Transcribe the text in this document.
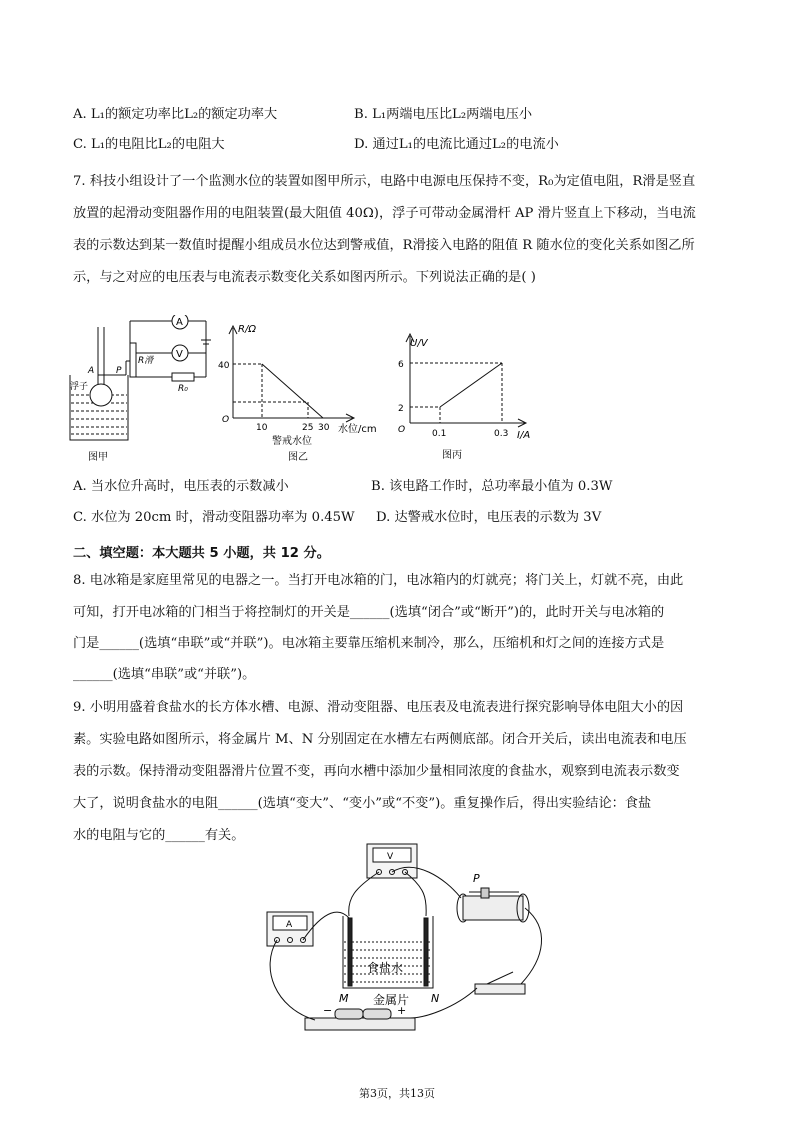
A. L₁的额定功率比L₂的额定功率大	B. L₁两端电压比L₂两端电压小
C. L₁的电阻比L₂的电阻大	D. 通过L₁的电流比通过L₂的电流小
7. 科技小组设计了一个监测水位的装置如图甲所示，电路中电源电压保持不变，R₀为定值电阻，R滑是竖直
放置的起滑动变阻器作用的电阻装置(最大阻值 40Ω)，浮子可带动金属滑杆 AP 滑片竖直上下移动，当电流
表的示数达到某一数值时提醒小组成员水位达到警戒值，R滑接入电路的阻值 R 随水位的变化关系如图乙所
示，与之对应的电压表与电流表示数变化关系如图丙所示。下列说法正确的是( )
A
V
R滑
R₀
A P
浮子
图甲
R/Ω
40
O
10	25 30 水位/cm
警戒水位
图乙
U/V
6
2
O	0.1	0.3 I/A
图丙
A. 当水位升高时，电压表的示数减小	B. 该电路工作时，总功率最小值为 0.3W
C. 水位为 20cm 时，滑动变阻器功率为 0.45W D. 达警戒水位时，电压表的示数为 3V
二、填空题：本大题共 5 小题，共 12 分。
8. 电冰箱是家庭里常见的电器之一。当打开电冰箱的门，电冰箱内的灯就亮；将门关上，灯就不亮，由此
可知，打开电冰箱的门相当于将控制灯的开关是______(选填“闭合”或“断开”)的，此时开关与电冰箱的
门是______(选填“串联”或“并联”)。电冰箱主要靠压缩机来制冷，那么，压缩机和灯之间的连接方式是
______(选填“串联”或“并联”)。
9. 小明用盛着食盐水的长方体水槽、电源、滑动变阻器、电压表及电流表进行探究影响导体电阻大小的因
素。实验电路如图所示，将金属片 M、N 分别固定在水槽左右两侧底部。闭合开关后，读出电流表和电压
表的示数。保持滑动变阻器滑片位置不变，再向水槽中添加少量相同浓度的食盐水，观察到电流表示数变
大了，说明食盐水的电阻______(选填“变大”、“变小”或“不变”)。重复操作后，得出实验结论：食盐
水的电阻与它的______有关。
V
A
食盐水
金属片
M	N
P
−	+
第3页，共13页
